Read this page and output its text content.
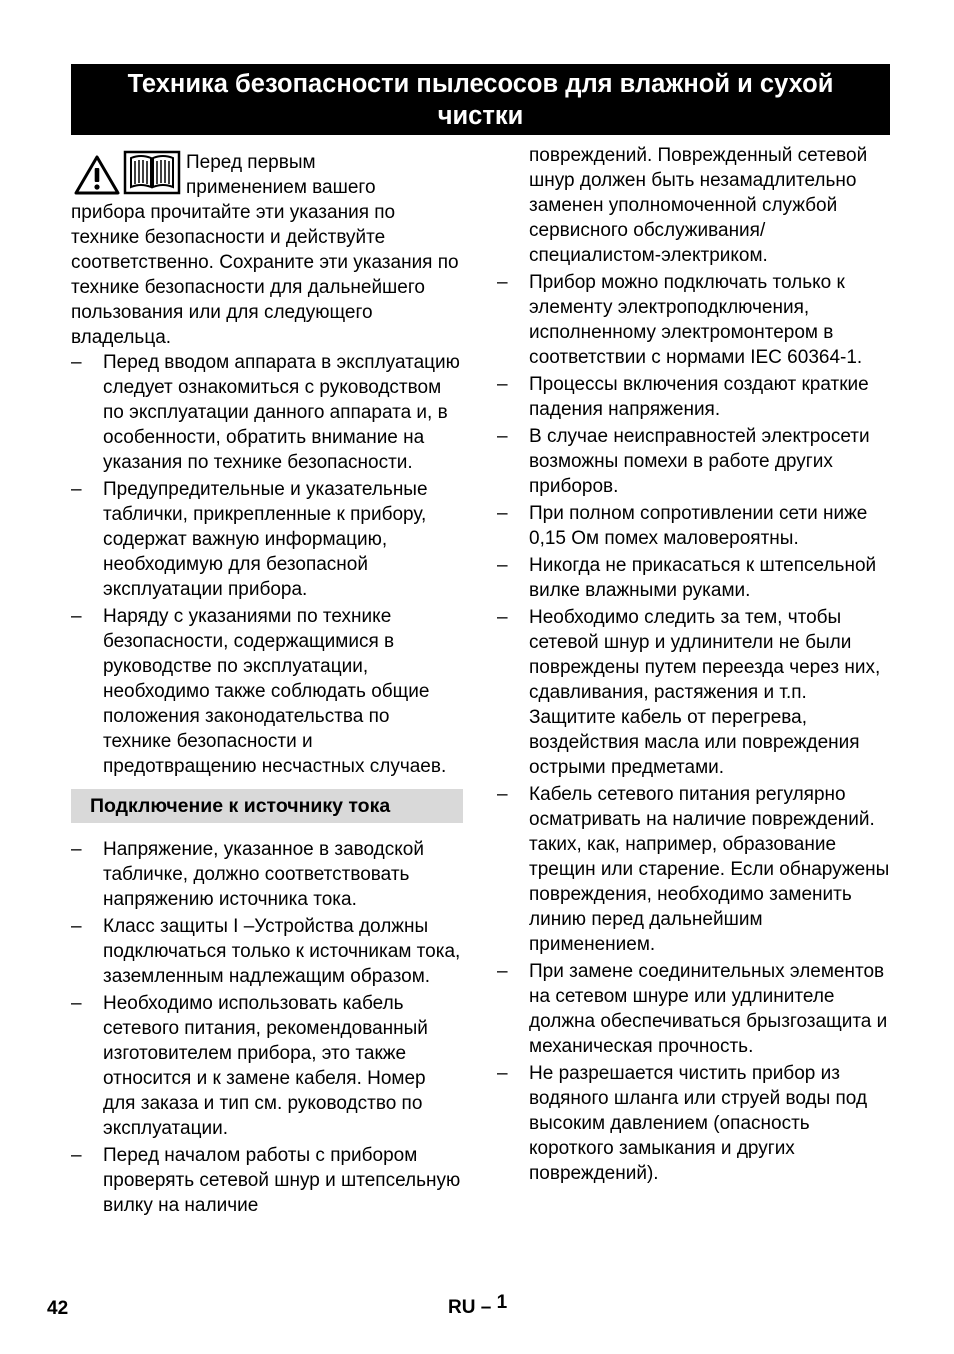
Техника безопасности пылесосов для влажной и сухой чистки

Перед первым
применением вашего
прибора прочитайте эти указания по технике безопасности и действуйте соответственно. Сохраните эти указания по технике безопасности для дальнейшего пользования или для следующего владельца.

–	Перед вводом аппарата в эксплуатацию следует ознакомиться с руководством по эксплуатации данного аппарата и, в особенности, обратить внимание на указания по технике безопасности.
–	Предупредительные и указательные таблички, прикрепленные к прибору, содержат важную информацию, необходимую для безопасной эксплуатации прибора.
–	Наряду с указаниями по технике безопасности, содержащимися в руководстве по эксплуатации, необходимо также соблюдать общие положения законодательства по технике безопасности и предотвращению несчастных случаев.
Подключение к источнику тока
–	Напряжение, указанное в заводской табличке, должно соответствовать напряжению источника тока.
–	Класс защиты I –Устройства должны подключаться только к источникам тока, заземленным надлежащим образом.
–	Необходимо использовать кабель сетевого питания, рекомендованный изготовителем прибора, это также относится и к замене кабеля. Номер для заказа и тип см. руководство по эксплуатации.
–	Перед началом работы с прибором проверять сетевой шнур и штепсельную вилку на наличие

повреждений. Поврежденный сетевой шнур должен быть незамадлительно заменен уполномоченной службой сервисного обслуживания/ специалистом-электриком.

–	Прибор можно подключать только к элементу электроподключения, исполненному электромонтером в соответствии с нормами IEC 60364-1.
–	Процессы включения создают краткие падения напряжения.
–	В случае неисправностей электросети возможны помехи в работе других приборов.
–	При полном сопротивлении сети ниже 0,15 Ом помех маловероятны.
–	Никогда не прикасаться к штепсельной вилке влажными руками.
–	Необходимо следить за тем, чтобы сетевой шнур и удлинители не были повреждены путем переезда через них, сдавливания, растяжения и т.п. Защитите кабель от перегрева, воздействия масла или повреждения острыми предметами.
–	Кабель сетевого питания регулярно осматривать на наличие повреждений. таких, как, например, образование трещин или старение. Если обнаружены повреждения, необходимо заменить линию перед дальнейшим применением.
–	При замене соединительных элементов на сетевом шнуре или удлинителе должна обеспечиваться брызгозащита и механическая прочность.
–	Не разрешается чистить прибор из водяного шланга или струей воды под высоким давлением (опасность короткого замыкания и других повреждений).
42	RU – 1
